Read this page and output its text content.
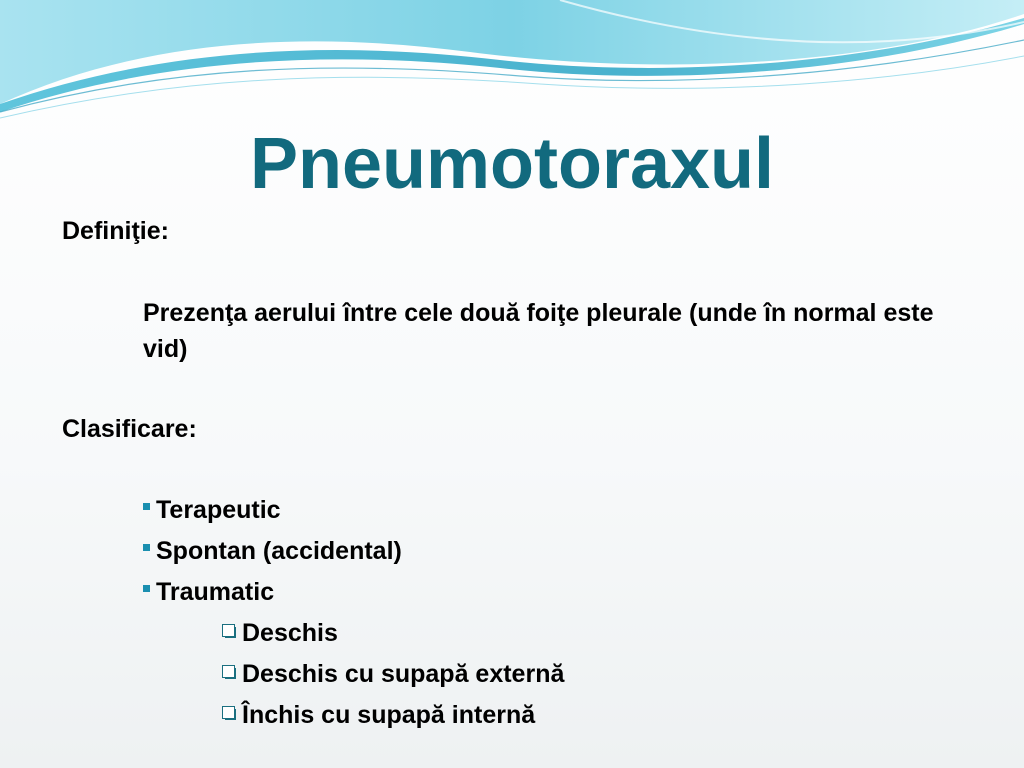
Pneumotoraxul

Definiţie:

Prezenţa aerului între cele două foiţe pleurale (unde în normal este vid)

Clasificare:

Terapeutic

Spontan (accidental)

Traumatic

Deschis

Deschis cu supapă externă

Închis cu supapă internă
